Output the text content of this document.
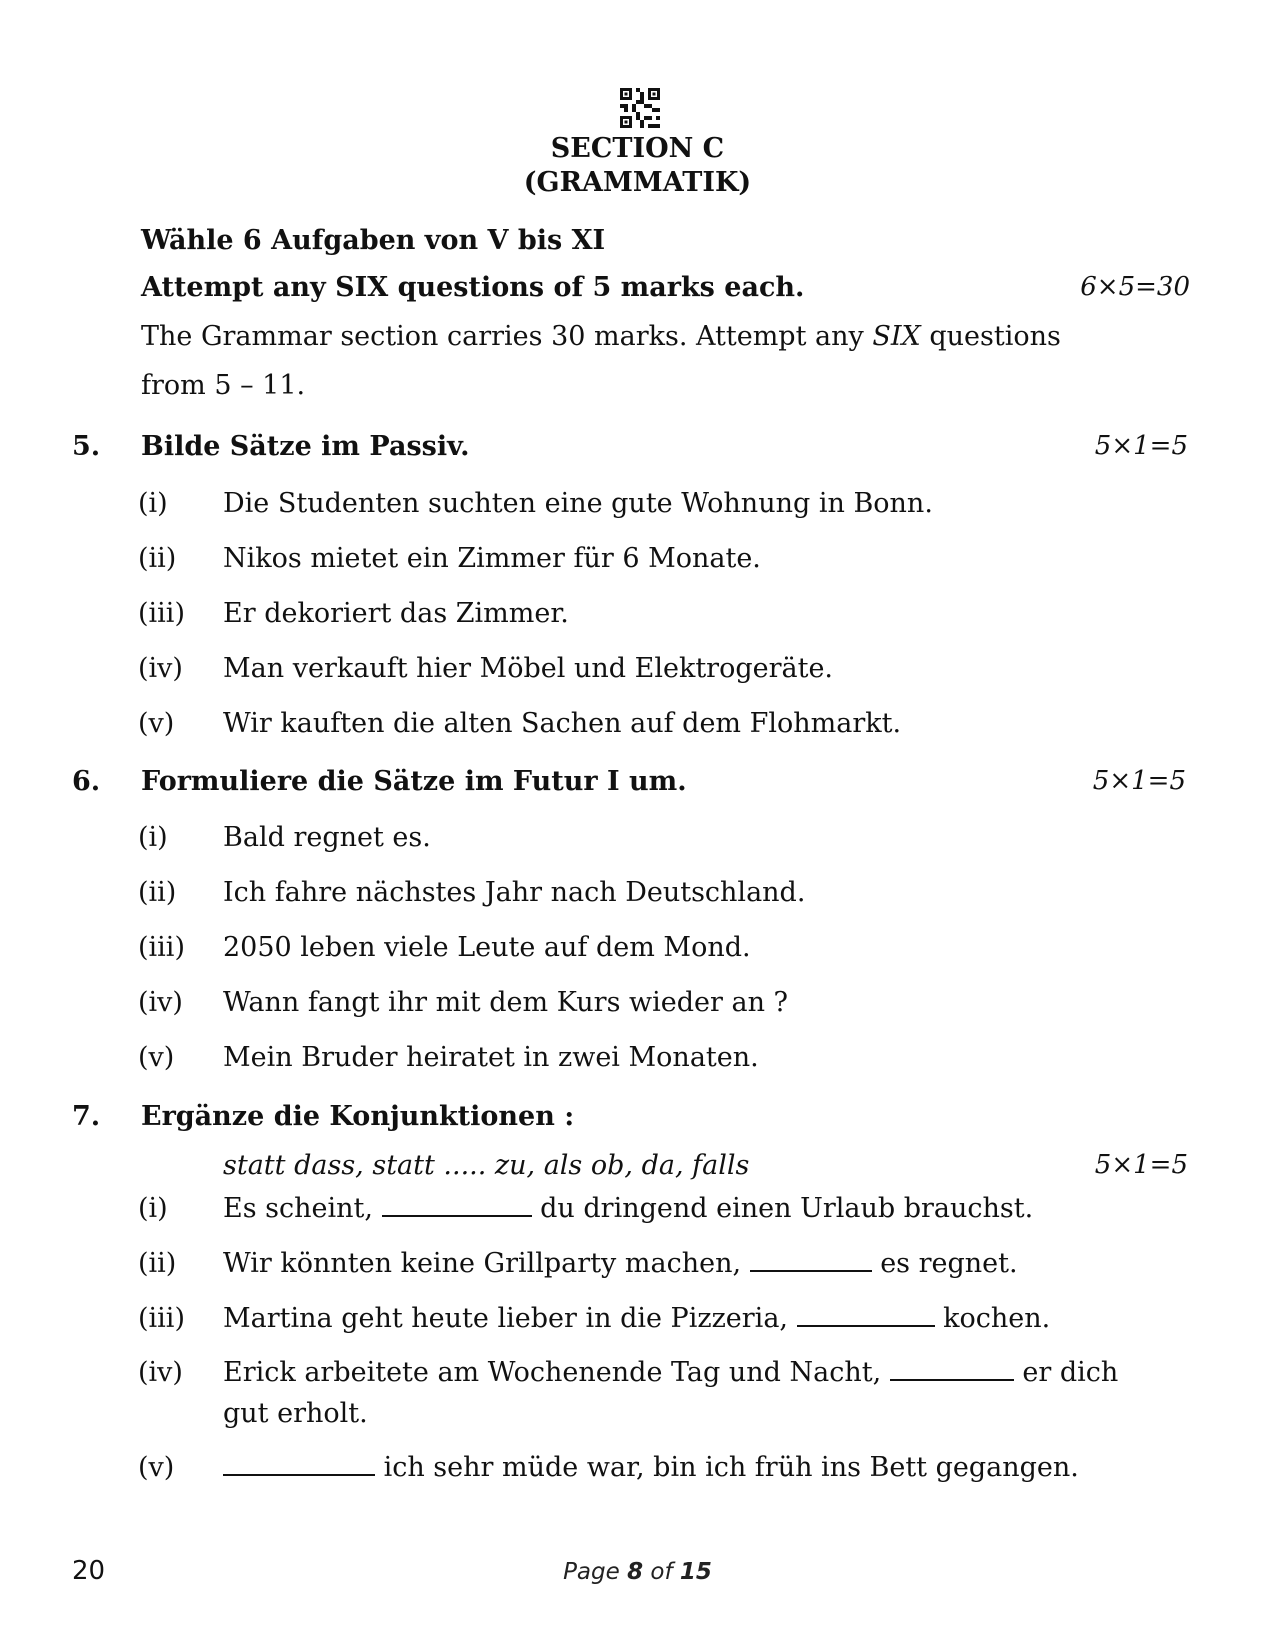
SECTION C
(GRAMMATIK)
Wähle 6 Aufgaben von V bis XI
Attempt any SIX questions of 5 marks each.	6×5=30
The Grammar section carries 30 marks. Attempt any SIX questions
from 5 – 11.
5. Bilde Sätze im Passiv.	5×1=5
(i) Die Studenten suchten eine gute Wohnung in Bonn.
(ii) Nikos mietet ein Zimmer für 6 Monate.
(iii) Er dekoriert das Zimmer.
(iv) Man verkauft hier Möbel und Elektrogeräte.
(v) Wir kauften die alten Sachen auf dem Flohmarkt.
6. Formuliere die Sätze im Futur I um.	5×1=5
(i) Bald regnet es.
(ii) Ich fahre nächstes Jahr nach Deutschland.
(iii) 2050 leben viele Leute auf dem Mond.
(iv) Wann fangt ihr mit dem Kurs wieder an ?
(v) Mein Bruder heiratet in zwei Monaten.
7. Ergänze die Konjunktionen :
statt dass, statt ..... zu, als ob, da, falls	5×1=5
(i) Es scheint,	du dringend einen Urlaub brauchst.
(ii) Wir könnten keine Grillparty machen,	es regnet.
(iii) Martina geht heute lieber in die Pizzeria,	kochen.
(iv) Erick arbeitete am Wochenende Tag und Nacht,	er dich
gut erholt.
(v)	ich sehr müde war, bin ich früh ins Bett gegangen.
20	Page 8 of 15
